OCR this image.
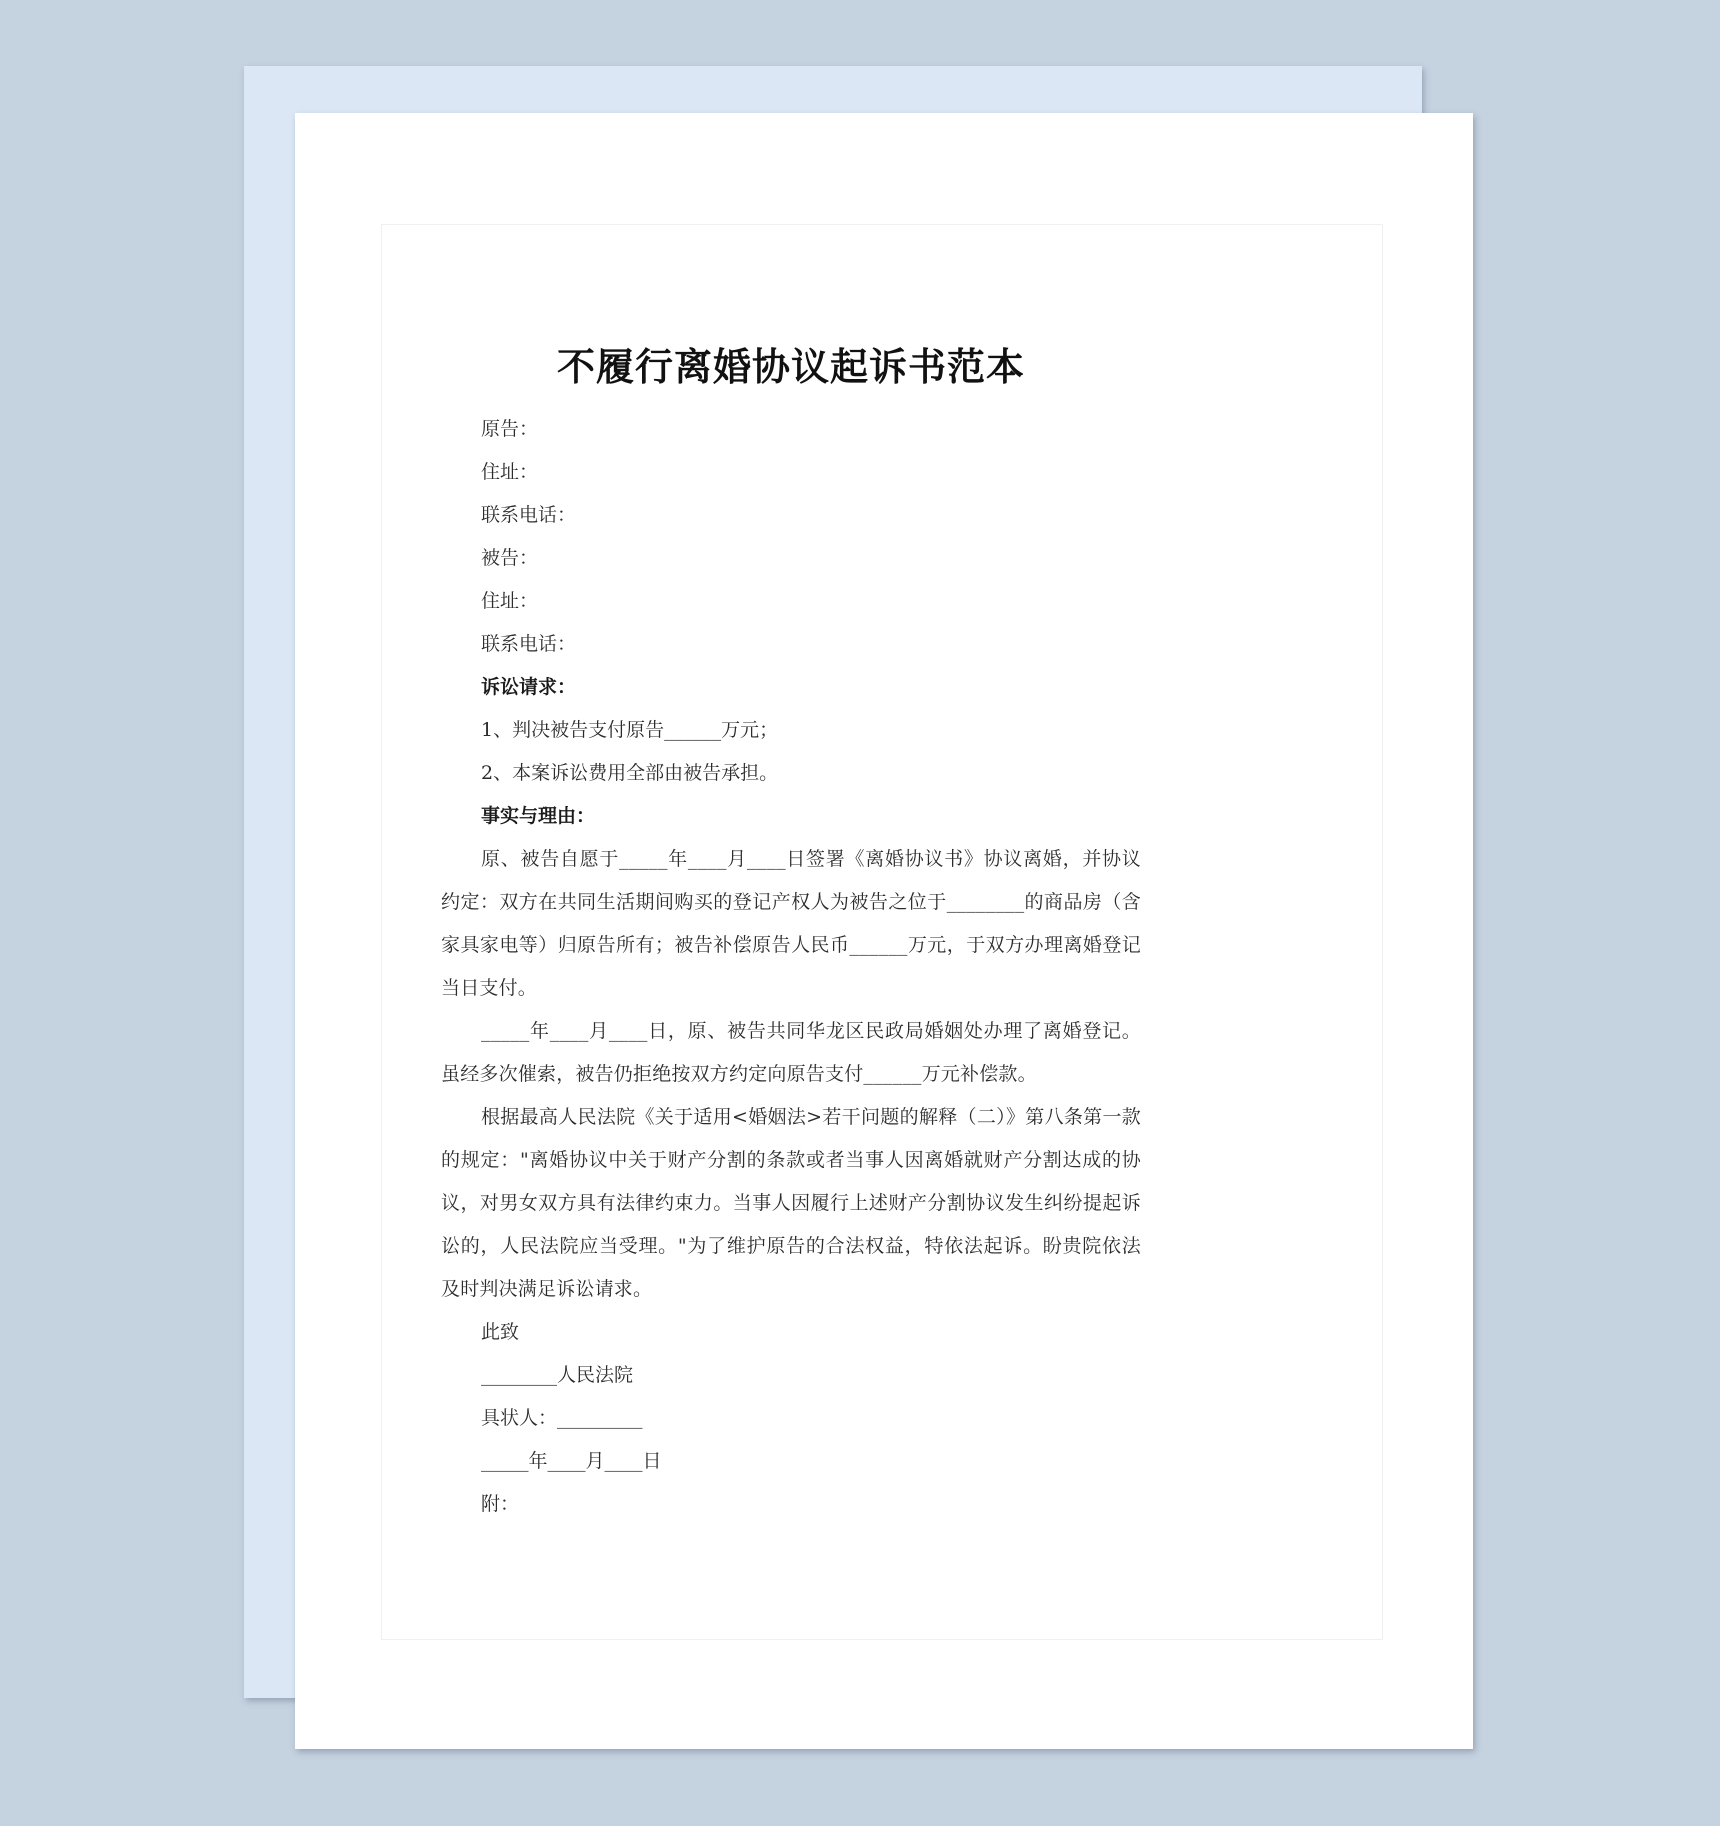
不履行离婚协议起诉书范本

原告：

住址：

联系电话：

被告：

住址：

联系电话：

诉讼请求：

1、判决被告支付原告______万元；

2、本案诉讼费用全部由被告承担。

事实与理由：

原、被告自愿于_____年____月____日签署《离婚协议书》协议离婚，并协议约定：双方在共同生活期间购买的登记产权人为被告之位于________的商品房（含家具家电等）归原告所有；被告补偿原告人民币______万元，于双方办理离婚登记当日支付。

_____年____月____日，原、被告共同华龙区民政局婚姻处办理了离婚登记。虽经多次催索，被告仍拒绝按双方约定向原告支付______万元补偿款。

根据最高人民法院《关于适用<婚姻法>若干问题的解释（二）》第八条第一款的规定："离婚协议中关于财产分割的条款或者当事人因离婚就财产分割达成的协议，对男女双方具有法律约束力。当事人因履行上述财产分割协议发生纠纷提起诉讼的，人民法院应当受理。"为了维护原告的合法权益，特依法起诉。盼贵院依法及时判决满足诉讼请求。

此致

________人民法院

具状人：_________

_____年____月____日

附：
